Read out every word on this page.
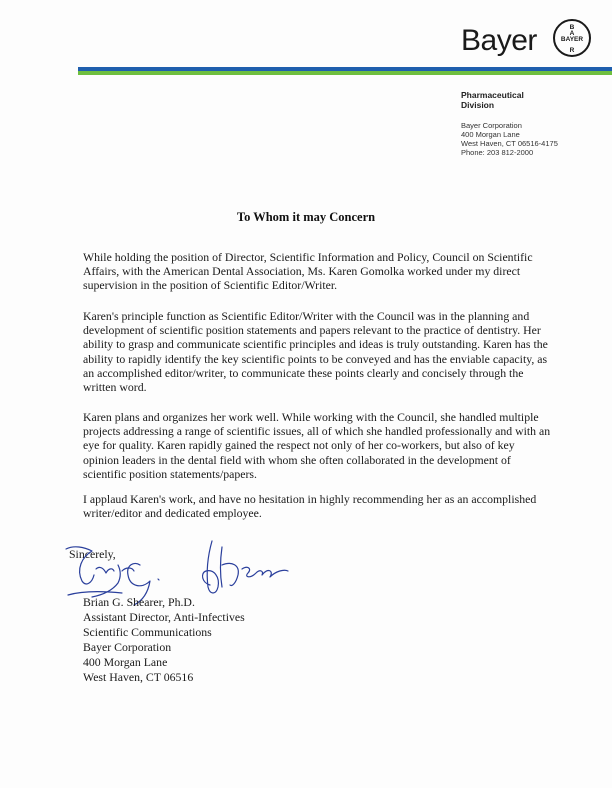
Bayer	B
A
BAYER
R
Pharmaceutical
Division
Bayer Corporation
400 Morgan Lane
West Haven, CT 06516-4175
Phone: 203 812-2000
To Whom it may Concern

While holding the position of Director, Scientific Information and Policy, Council on Scientific Affairs, with the American Dental Association, Ms. Karen Gomolka worked under my direct supervision in the position of Scientific Editor/Writer.

Karen's principle function as Scientific Editor/Writer with the Council was in the planning and development of scientific position statements and papers relevant to the practice of dentistry. Her ability to grasp and communicate scientific principles and ideas is truly outstanding. Karen has the ability to rapidly identify the key scientific points to be conveyed and has the enviable capacity, as an accomplished editor/writer, to communicate these points clearly and concisely through the written word.

Karen plans and organizes her work well. While working with the Council, she handled multiple projects addressing a range of scientific issues, all of which she handled professionally and with an eye for quality. Karen rapidly gained the respect not only of her co-workers, but also of key opinion leaders in the dental field with whom she often collaborated in the development of scientific position statements/papers.

I applaud Karen's work, and have no hesitation in highly recommending her as an accomplished writer/editor and dedicated employee.

Sincerely,
Brian G. Shearer, Ph.D.
Assistant Director, Anti-Infectives
Scientific Communications
Bayer Corporation
400 Morgan Lane
West Haven, CT 06516
